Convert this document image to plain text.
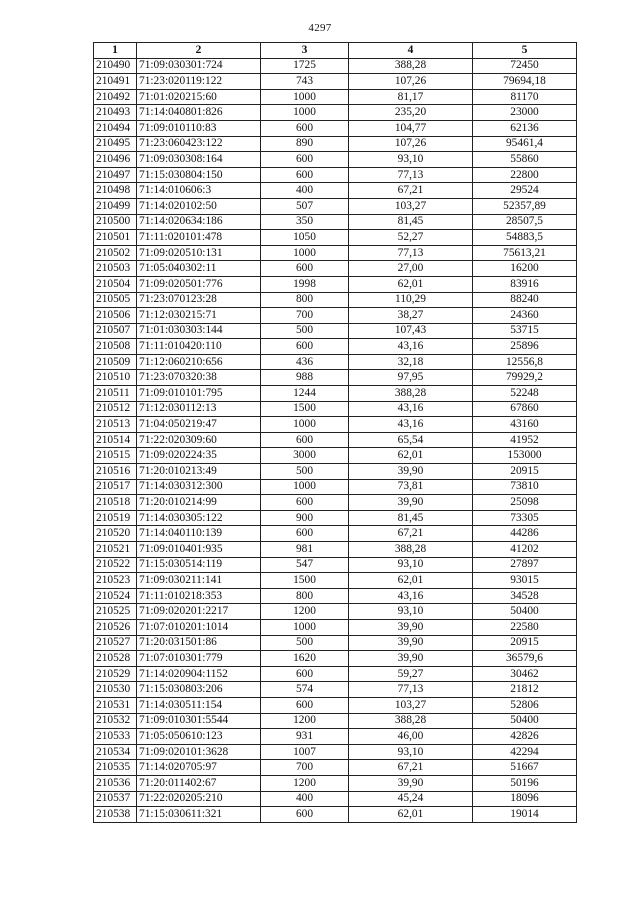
4297
1	2	3	4	5
210490	71:09:030301:724	1725	388,28	72450
210491	71:23:020119:122	743	107,26	79694,18
210492	71:01:020215:60	1000	81,17	81170
210493	71:14:040801:826	1000	235,20	23000
210494	71:09:010110:83	600	104,77	62136
210495	71:23:060423:122	890	107,26	95461,4
210496	71:09:030308:164	600	93,10	55860
210497	71:15:030804:150	600	77,13	22800
210498	71:14:010606:3	400	67,21	29524
210499	71:14:020102:50	507	103,27	52357,89
210500	71:14:020634:186	350	81,45	28507,5
210501	71:11:020101:478	1050	52,27	54883,5
210502	71:09:020510:131	1000	77,13	75613,21
210503	71:05:040302:11	600	27,00	16200
210504	71:09:020501:776	1998	62,01	83916
210505	71:23:070123:28	800	110,29	88240
210506	71:12:030215:71	700	38,27	24360
210507	71:01:030303:144	500	107,43	53715
210508	71:11:010420:110	600	43,16	25896
210509	71:12:060210:656	436	32,18	12556,8
210510	71:23:070320:38	988	97,95	79929,2
210511	71:09:010101:795	1244	388,28	52248
210512	71:12:030112:13	1500	43,16	67860
210513	71:04:050219:47	1000	43,16	43160
210514	71:22:020309:60	600	65,54	41952
210515	71:09:020224:35	3000	62,01	153000
210516	71:20:010213:49	500	39,90	20915
210517	71:14:030312:300	1000	73,81	73810
210518	71:20:010214:99	600	39,90	25098
210519	71:14:030305:122	900	81,45	73305
210520	71:14:040110:139	600	67,21	44286
210521	71:09:010401:935	981	388,28	41202
210522	71:15:030514:119	547	93,10	27897
210523	71:09:030211:141	1500	62,01	93015
210524	71:11:010218:353	800	43,16	34528
210525	71:09:020201:2217	1200	93,10	50400
210526	71:07:010201:1014	1000	39,90	22580
210527	71:20:031501:86	500	39,90	20915
210528	71:07:010301:779	1620	39,90	36579,6
210529	71:14:020904:1152	600	59,27	30462
210530	71:15:030803:206	574	77,13	21812
210531	71:14:030511:154	600	103,27	52806
210532	71:09:010301:5544	1200	388,28	50400
210533	71:05:050610:123	931	46,00	42826
210534	71:09:020101:3628	1007	93,10	42294
210535	71:14:020705:97	700	67,21	51667
210536	71:20:011402:67	1200	39,90	50196
210537	71:22:020205:210	400	45,24	18096
210538	71:15:030611:321	600	62,01	19014
